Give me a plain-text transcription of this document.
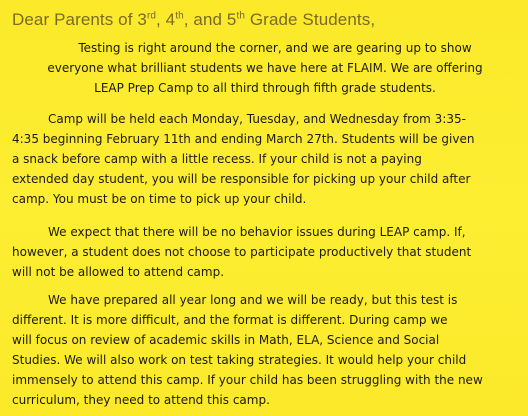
Dear Parents of 3rd, 4th, and 5th Grade Students,
Testing is right around the corner, and we are gearing up to show
everyone what brilliant students we have here at FLAIM. We are offering
LEAP Prep Camp to all third through fifth grade students.
Camp will be held each Monday, Tuesday, and Wednesday from 3:35-
4:35 beginning February 11th and ending March 27th. Students will be given
a snack before camp with a little recess. If your child is not a paying
extended day student, you will be responsible for picking up your child after
camp. You must be on time to pick up your child.
We expect that there will be no behavior issues during LEAP camp. If,
however, a student does not choose to participate productively that student
will not be allowed to attend camp.
We have prepared all year long and we will be ready, but this test is
different. It is more difficult, and the format is different. During camp we
will focus on review of academic skills in Math, ELA, Science and Social
Studies. We will also work on test taking strategies. It would help your child
immensely to attend this camp. If your child has been struggling with the new
curriculum, they need to attend this camp.
